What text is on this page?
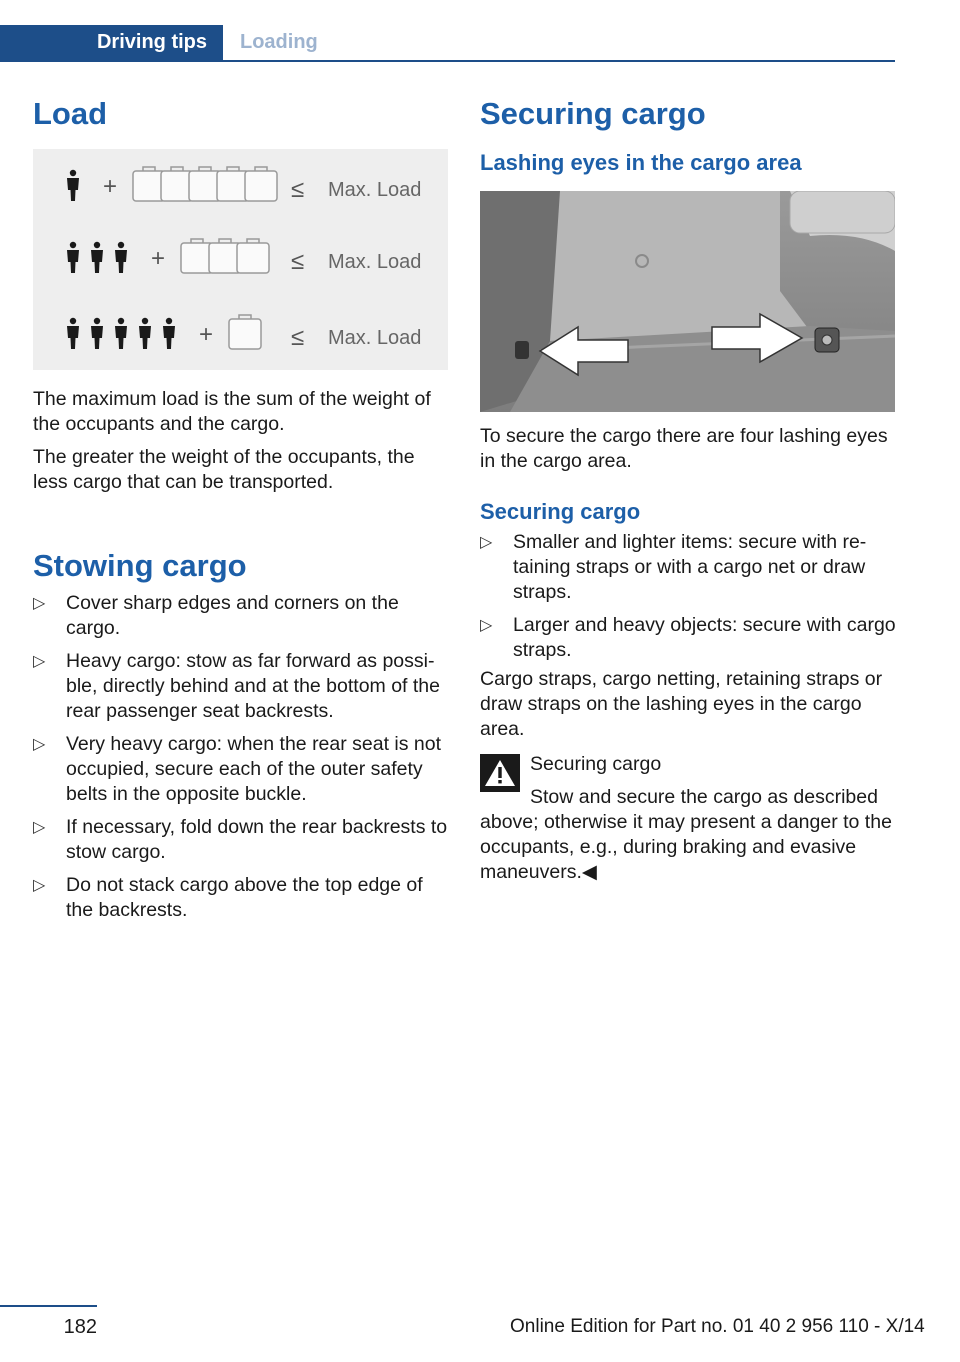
Driving tips	Loading
Load
+	≤ Max. Load
+	≤ Max. Load
+	≤ Max. Load

The maximum load is the sum of the weight of the occupants and the cargo.

The greater the weight of the occupants, the less cargo that can be transported.

Stowing cargo
▷ Cover sharp edges and corners on the cargo.
▷ Heavy cargo: stow as far forward as possi‐ ble, directly behind and at the bottom of the rear passenger seat backrests.
▷ Very heavy cargo: when the rear seat is not occupied, secure each of the outer safety belts in the opposite buckle.
▷ If necessary, fold down the rear backrests to stow cargo.
▷ Do not stack cargo above the top edge of the backrests.
Securing cargo
Lashing eyes in the cargo area

To secure the cargo there are four lashing eyes in the cargo area.

Securing cargo
▷ Smaller and lighter items: secure with re‐ taining straps or with a cargo net or draw straps.
▷ Larger and heavy objects: secure with cargo straps.

Cargo straps, cargo netting, retaining straps or draw straps on the lashing eyes in the cargo area.

Securing cargo

Stow and secure the cargo as described

above; otherwise it may present a danger to the occupants, e.g., during braking and evasive maneuvers.◀

182	Online Edition for Part no. 01 40 2 956 110 - X/14
